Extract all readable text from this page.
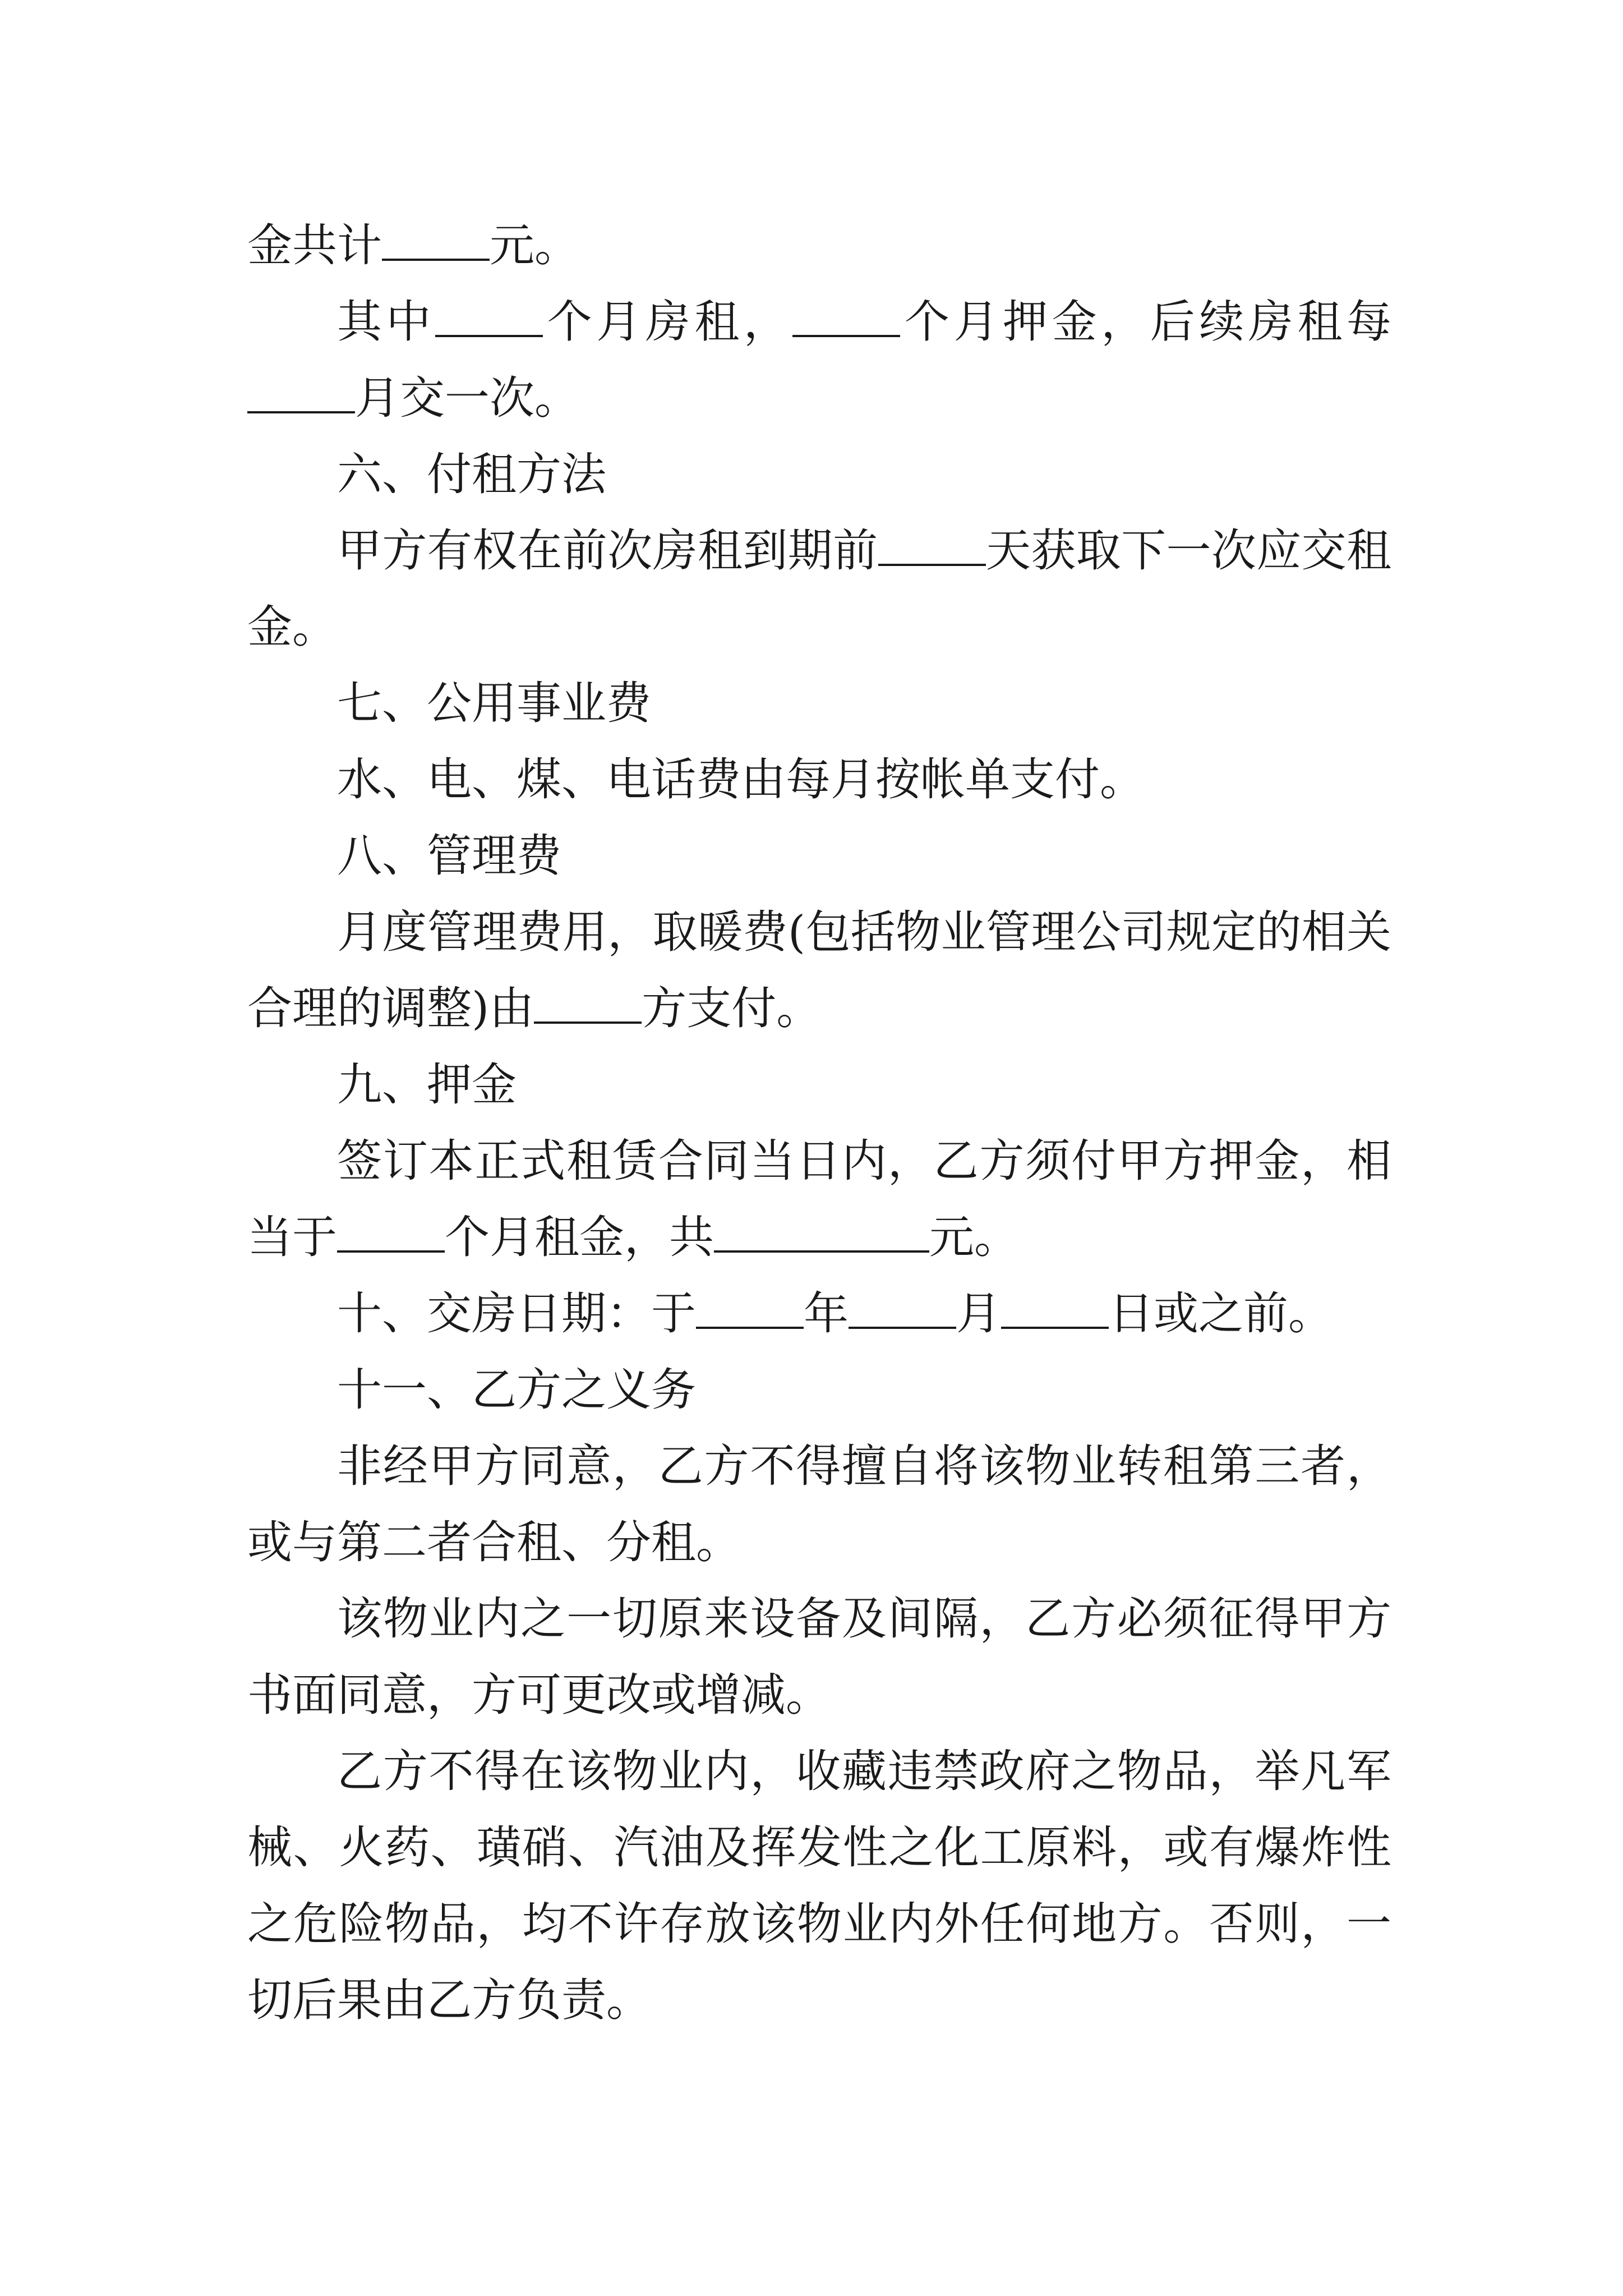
金共计 元。

其中 个月房租， 个月押金，后续房租每月交一次。

六、付租方法

甲方有权在前次房租到期前 天获取下一次应交租金。

七、公用事业费

水、电、煤、电话费由每月按帐单支付。

八、管理费

月度管理费用，取暖费(包括物业管理公司规定的相关合理的调整)由 方支付。

九、押金

签订本正式租赁合同当日内，乙方须付甲方押金，相当于 个月租金，共	元。

十、交房日期：于 年 月 日或之前。

十一、乙方之义务

非经甲方同意，乙方不得擅自将该物业转租第三者，或与第二者合租、分租。

该物业内之一切原来设备及间隔，乙方必须征得甲方书面同意，方可更改或增减。

乙方不得在该物业内，收藏违禁政府之物品，举凡军械、火药、璜硝、汽油及挥发性之化工原料，或有爆炸性之危险物品，均不许存放该物业内外任何地方。否则，一切后果由乙方负责。
